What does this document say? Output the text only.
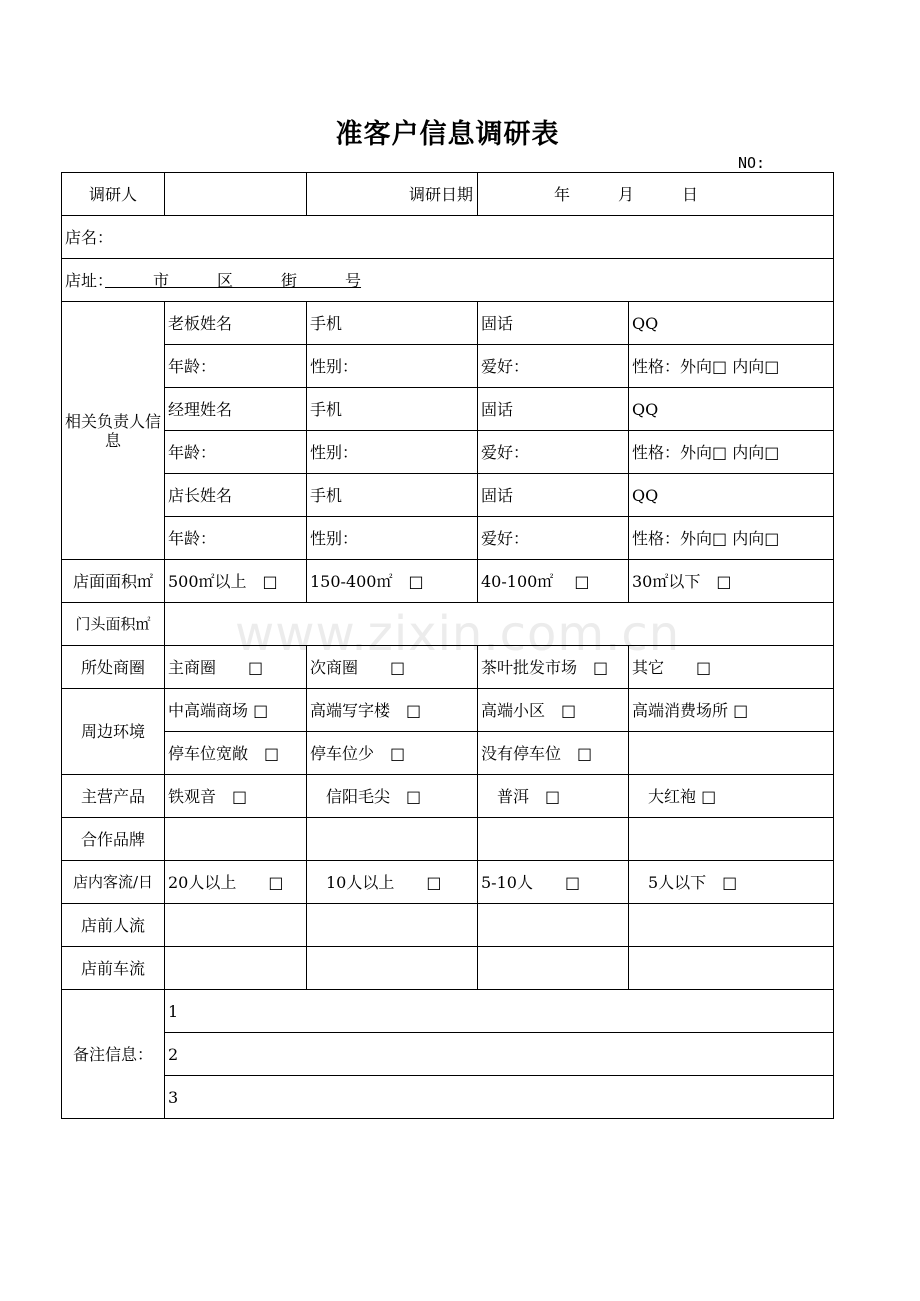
准客户信息调研表
NO:
www.zixin.com.cn
调研人		调研日期	年　　　月　　　日	
店名：				
店址：　　　市　　　区　　　街　　　号				
相关负责人信息	老板姓名	手机	固话	QQ
	年龄：	性别：	爱好：	性格：外向□ 内向□
	经理姓名	手机	固话	QQ
	年龄：	性别：	爱好：	性格：外向□ 内向□
	店长姓名	手机	固话	QQ
	年龄：	性别：	爱好：	性格：外向□ 内向□
店面面积㎡	500㎡以上　□	150-400㎡　□	40-100㎡　 □	30㎡以下　□
门头面积㎡				
所处商圈	主商圈　　□	次商圈　　□	茶叶批发市场　□	其它　　□
周边环境	中高端商场 □	高端写字楼　□	高端小区　□	高端消费场所 □
	停车位宽敞　□	停车位少　□	没有停车位　□	
主营产品	铁观音　□	　信阳毛尖　□	　普洱　□	　大红袍 □
合作品牌				
店内客流/日	20人以上　　□	　10人以上　　□	5-10人　　□	　5人以下　□
店前人流				
店前车流				
备注信息：	1			
	2			
	3			
